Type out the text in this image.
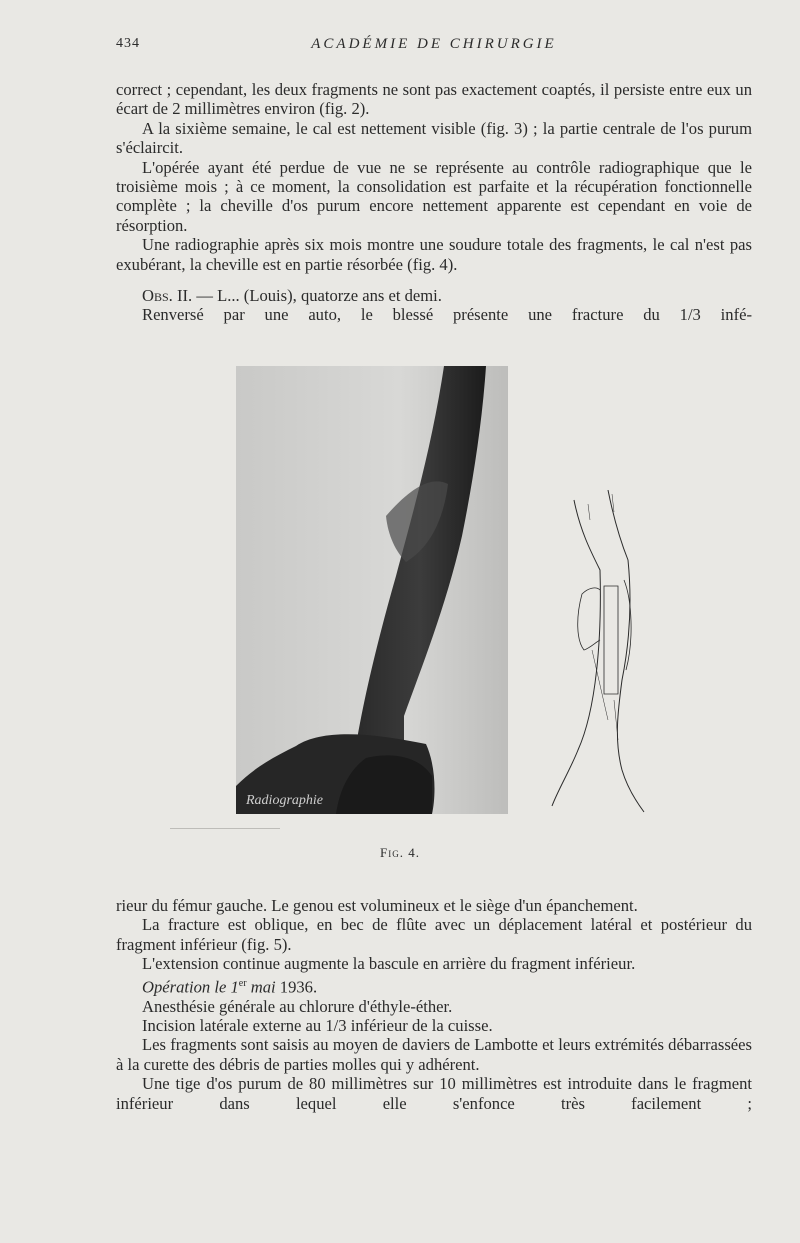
434	ACADÉMIE DE CHIRURGIE

correct ; cependant, les deux fragments ne sont pas exactement coaptés, il persiste entre eux un écart de 2 millimètres environ (fig. 2).

A la sixième semaine, le cal est nettement visible (fig. 3) ; la partie centrale de l'os purum s'éclaircit.

L'opérée ayant été perdue de vue ne se représente au contrôle radiographique que le troisième mois ; à ce moment, la consolidation est parfaite et la récupération fonctionnelle complète ; la cheville d'os purum encore nettement apparente est cependant en voie de résorption.

Une radiographie après six mois montre une soudure totale des fragments, le cal n'est pas exubérant, la cheville est en partie résorbée (fig. 4).

Obs. II. — L... (Louis), quatorze ans et demi.

Renversé par une auto, le blessé présente une fracture du 1/3 infé-

Radiographie
Fig. 4.

rieur du fémur gauche. Le genou est volumineux et le siège d'un épanchement.

La fracture est oblique, en bec de flûte avec un déplacement latéral et postérieur du fragment inférieur (fig. 5).

L'extension continue augmente la bascule en arrière du fragment inférieur.

Opération le 1er mai 1936.

Anesthésie générale au chlorure d'éthyle-éther.

Incision latérale externe au 1/3 inférieur de la cuisse.

Les fragments sont saisis au moyen de daviers de Lambotte et leurs extrémités débarrassées à la curette des débris de parties molles qui y adhérent.

Une tige d'os purum de 80 millimètres sur 10 millimètres est introduite dans le fragment inférieur dans lequel elle s'enfonce très facilement ;
